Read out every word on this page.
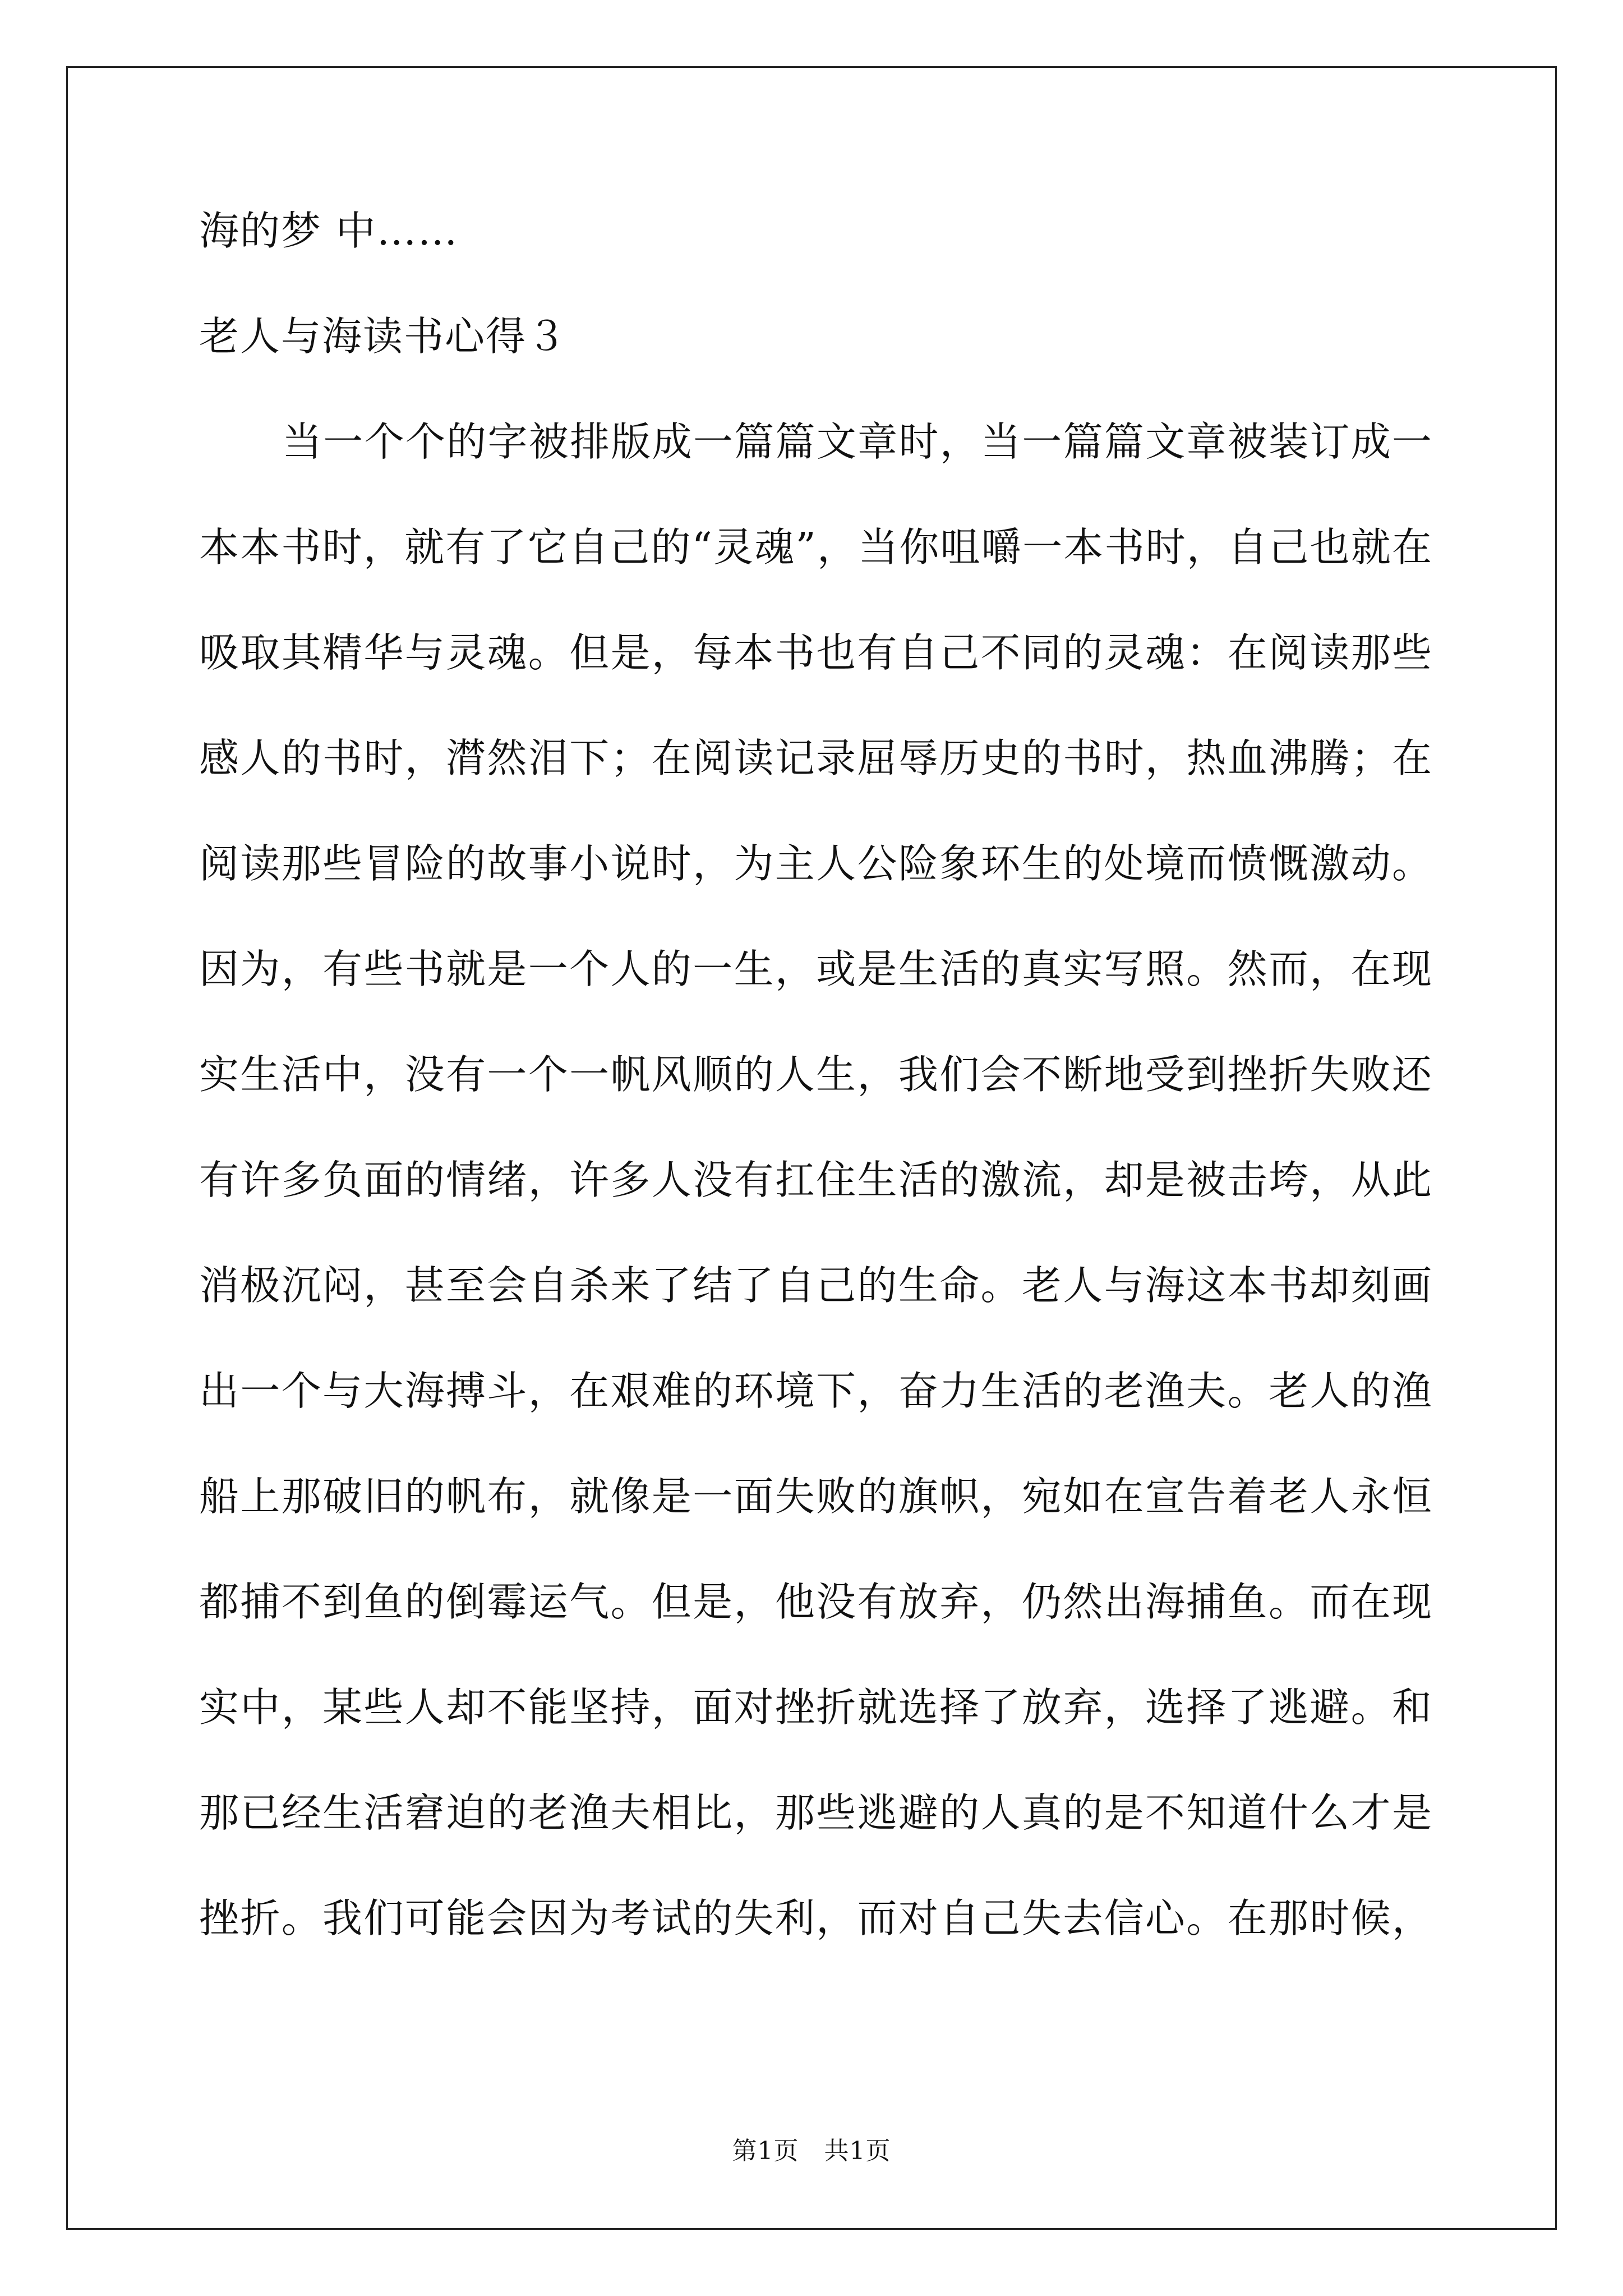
海的梦 中……
老人与海读书心得３
当一个个的字被排版成一篇篇文章时，当一篇篇文章被装订成一
本本书时，就有了它自己的“灵魂”，当你咀嚼一本书时，自己也就在
吸取其精华与灵魂。但是，每本书也有自己不同的灵魂：在阅读那些
感人的书时，潸然泪下；在阅读记录屈辱历史的书时，热血沸腾；在
阅读那些冒险的故事小说时，为主人公险象环生的处境而愤慨激动。
因为，有些书就是一个人的一生，或是生活的真实写照。然而，在现
实生活中，没有一个一帆风顺的人生，我们会不断地受到挫折失败还
有许多负面的情绪，许多人没有扛住生活的激流，却是被击垮，从此
消极沉闷，甚至会自杀来了结了自己的生命。老人与海这本书却刻画
出一个与大海搏斗，在艰难的环境下，奋力生活的老渔夫。老人的渔
船上那破旧的帆布，就像是一面失败的旗帜，宛如在宣告着老人永恒
都捕不到鱼的倒霉运气。但是，他没有放弃，仍然出海捕鱼。而在现
实中，某些人却不能坚持，面对挫折就选择了放弃，选择了逃避。和
那已经生活窘迫的老渔夫相比，那些逃避的人真的是不知道什么才是
挫折。我们可能会因为考试的失利，而对自己失去信心。在那时候，
第1页　共1页
